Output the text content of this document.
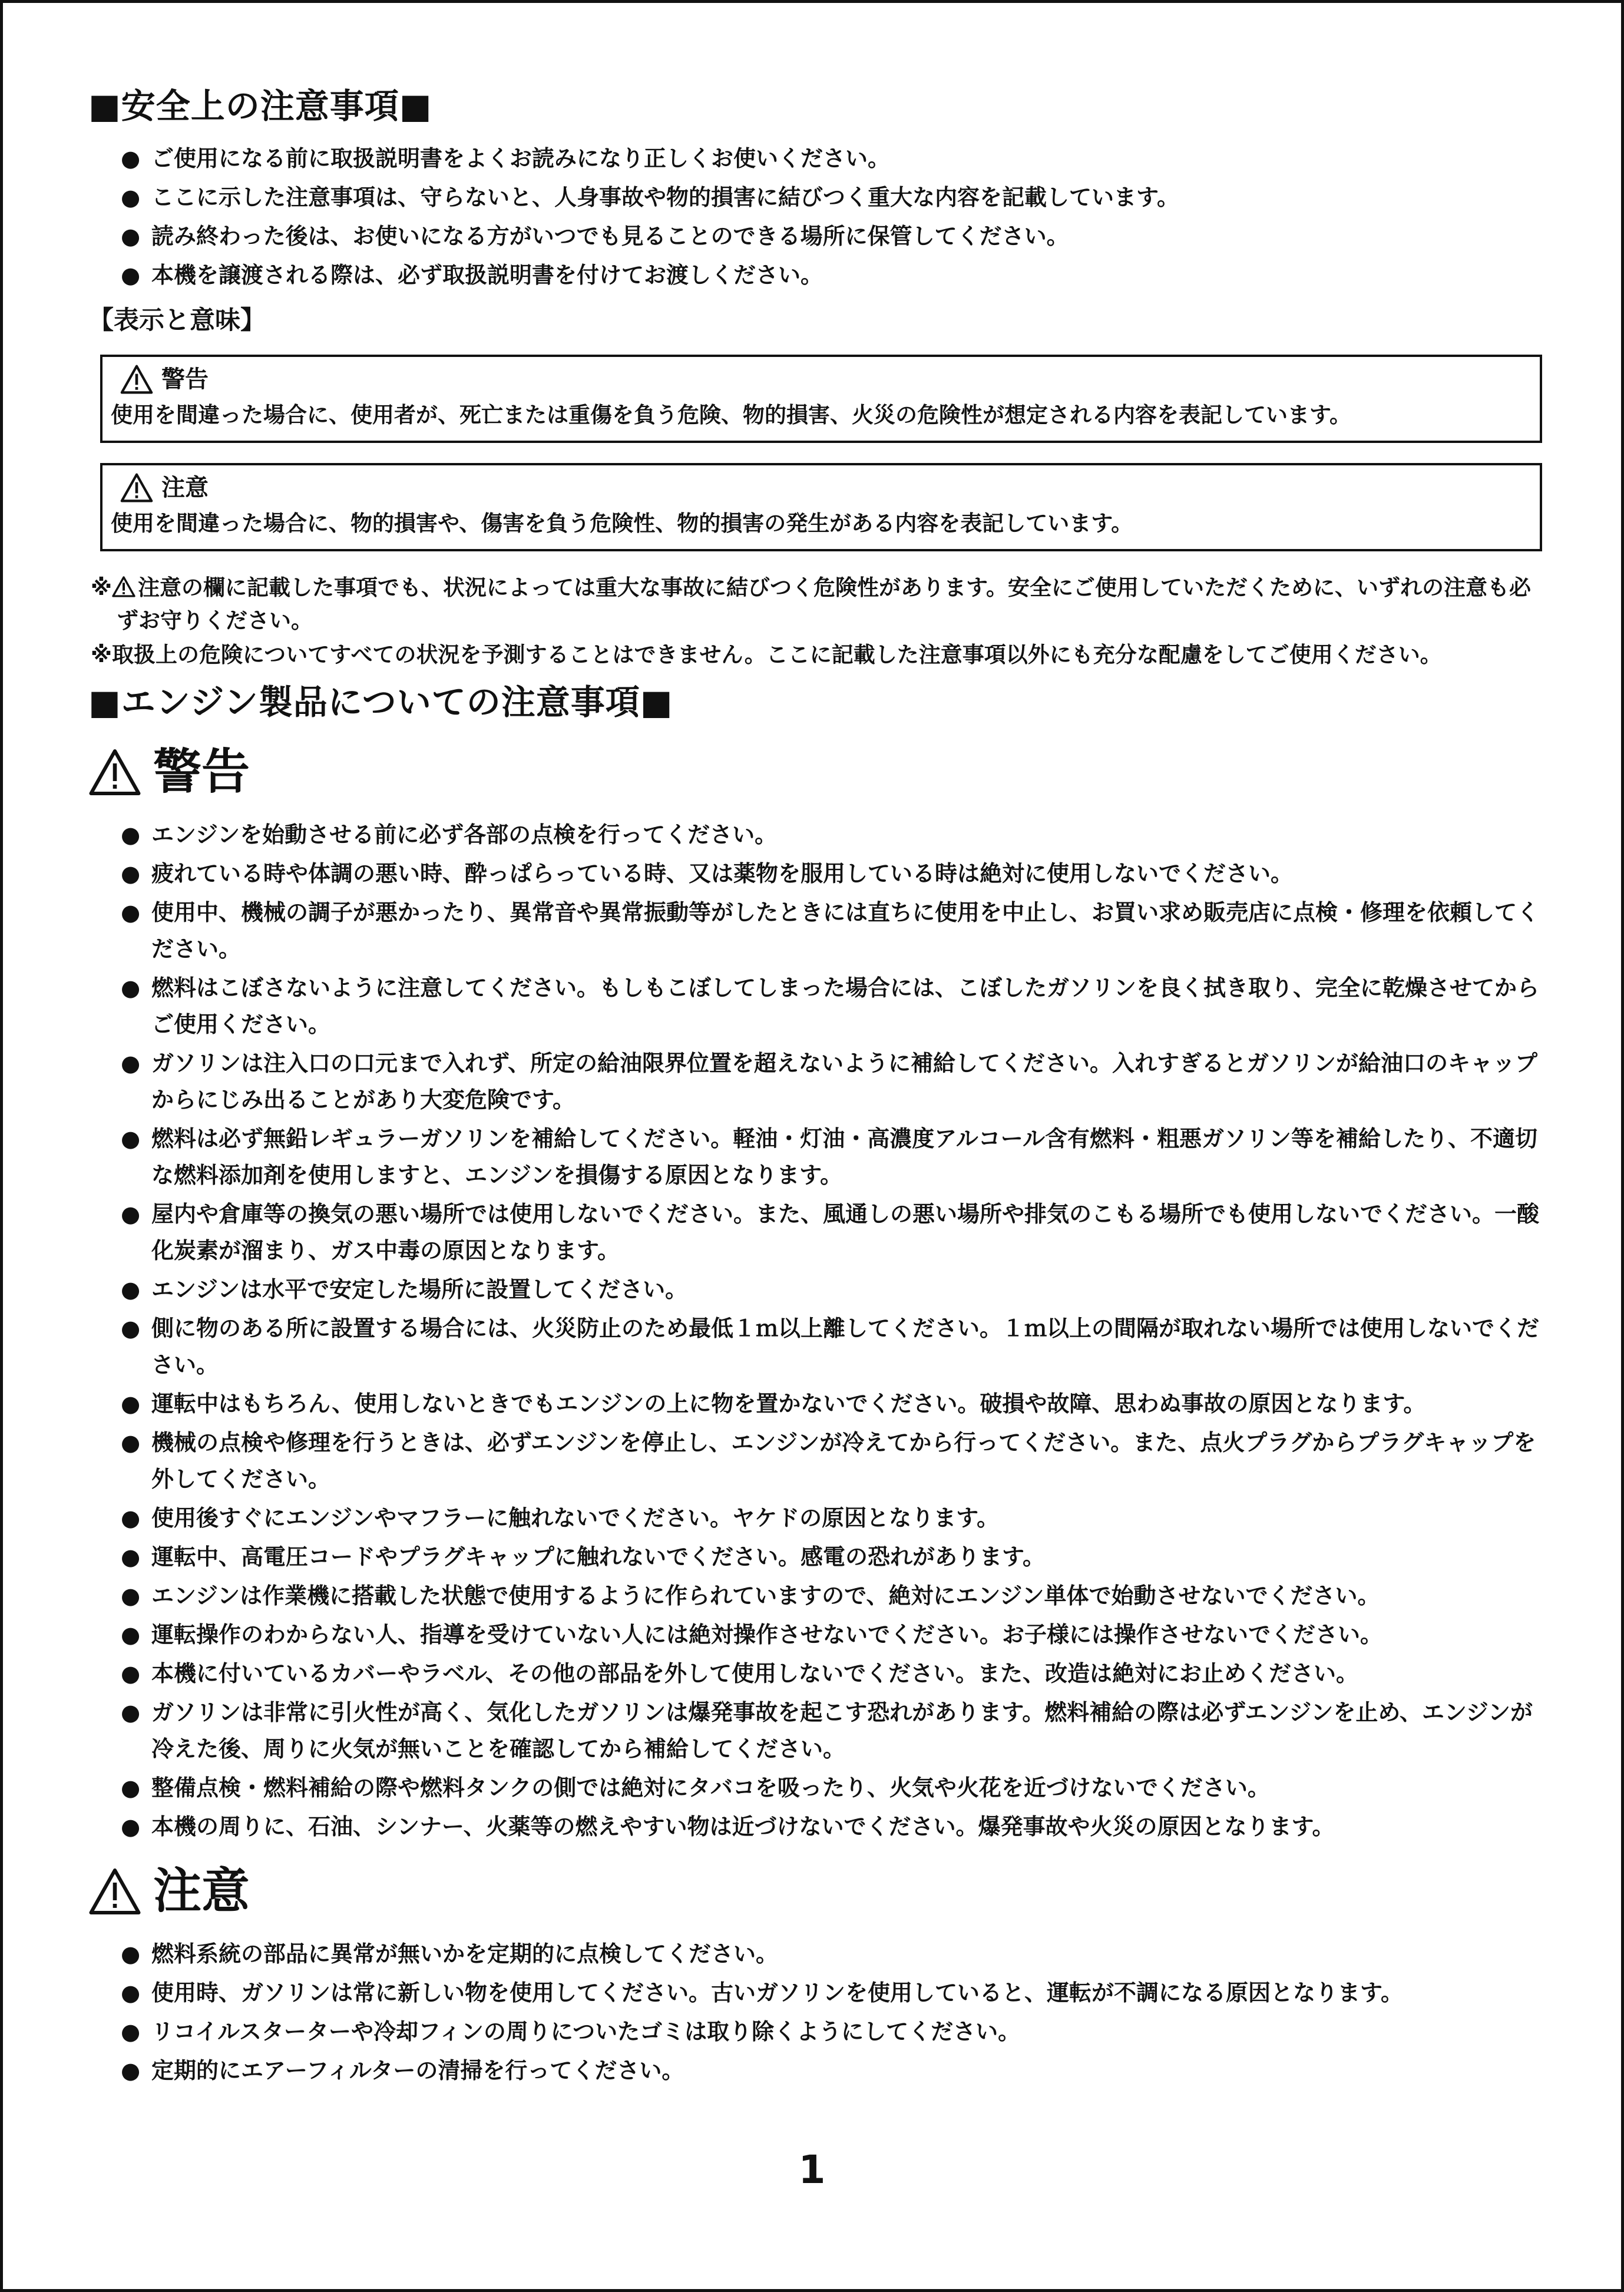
■安全上の注意事項■
● ご使用になる前に取扱説明書をよくお読みになり正しくお使いください。
● ここに示した注意事項は、守らないと、人身事故や物的損害に結びつく重大な内容を記載しています。
● 読み終わった後は、お使いになる方がいつでも見ることのできる場所に保管してください。
● 本機を譲渡される際は、必ず取扱説明書を付けてお渡しください。
【表示と意味】
警告
使用を間違った場合に、使用者が、死亡または重傷を負う危険、物的損害、火災の危険性が想定される内容を表記しています。
注意
使用を間違った場合に、物的損害や、傷害を負う危険性、物的損害の発生がある内容を表記しています。
※ 注意の欄に記載した事項でも、状況によっては重大な事故に結びつく危険性があります。安全にご使用していただくために、いずれの注意も必ずお守りください。
※取扱上の危険についてすべての状況を予測することはできません。ここに記載した注意事項以外にも充分な配慮をしてご使用ください。
■エンジン製品についての注意事項■
警告
● エンジンを始動させる前に必ず各部の点検を行ってください。
● 疲れている時や体調の悪い時、酔っぱらっている時、又は薬物を服用している時は絶対に使用しないでください。
● 使用中、機械の調子が悪かったり、異常音や異常振動等がしたときには直ちに使用を中止し、お買い求め販売店に点検・修理を依頼してください。
● 燃料はこぼさないように注意してください。もしもこぼしてしまった場合には、こぼしたガソリンを良く拭き取り、完全に乾燥させてからご使用ください。
● ガソリンは注入口の口元まで入れず、所定の給油限界位置を超えないように補給してください。入れすぎるとガソリンが給油口のキャップからにじみ出ることがあり大変危険です。
● 燃料は必ず無鉛レギュラーガソリンを補給してください。軽油・灯油・高濃度アルコール含有燃料・粗悪ガソリン等を補給したり、不適切な燃料添加剤を使用しますと、エンジンを損傷する原因となります。
● 屋内や倉庫等の換気の悪い場所では使用しないでください。また、風通しの悪い場所や排気のこもる場所でも使用しないでください。一酸化炭素が溜まり、ガス中毒の原因となります。
● エンジンは水平で安定した場所に設置してください。
● 側に物のある所に設置する場合には、火災防止のため最低１ｍ以上離してください。１ｍ以上の間隔が取れない場所では使用しないでください。
● 運転中はもちろん、使用しないときでもエンジンの上に物を置かないでください。破損や故障、思わぬ事故の原因となります。
● 機械の点検や修理を行うときは、必ずエンジンを停止し、エンジンが冷えてから行ってください。また、点火プラグからプラグキャップを外してください。
● 使用後すぐにエンジンやマフラーに触れないでください。ヤケドの原因となります。
● 運転中、高電圧コードやプラグキャップに触れないでください。感電の恐れがあります。
● エンジンは作業機に搭載した状態で使用するように作られていますので、絶対にエンジン単体で始動させないでください。
● 運転操作のわからない人、指導を受けていない人には絶対操作させないでください。お子様には操作させないでください。
● 本機に付いているカバーやラベル、その他の部品を外して使用しないでください。また、改造は絶対にお止めください。
● ガソリンは非常に引火性が高く、気化したガソリンは爆発事故を起こす恐れがあります。燃料補給の際は必ずエンジンを止め、エンジンが冷えた後、周りに火気が無いことを確認してから補給してください。
● 整備点検・燃料補給の際や燃料タンクの側では絶対にタバコを吸ったり、火気や火花を近づけないでください。
● 本機の周りに、石油、シンナー、火薬等の燃えやすい物は近づけないでください。爆発事故や火災の原因となります。
注意
● 燃料系統の部品に異常が無いかを定期的に点検してください。
● 使用時、ガソリンは常に新しい物を使用してください。古いガソリンを使用していると、運転が不調になる原因となります。
● リコイルスターターや冷却フィンの周りについたゴミは取り除くようにしてください。
● 定期的にエアーフィルターの清掃を行ってください。
1
